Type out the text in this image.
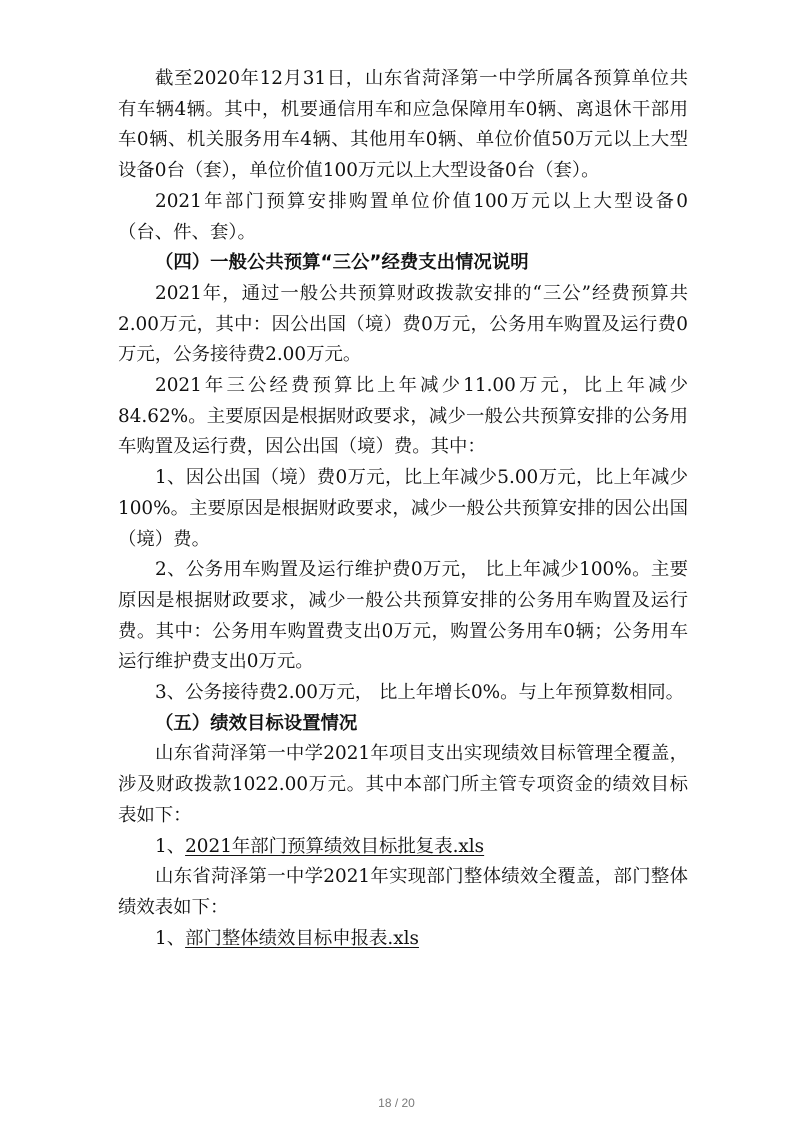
截至2020年12月31日，山东省菏泽第一中学所属各预算单位共有车辆4辆。其中，机要通信用车和应急保障用车0辆、离退休干部用车0辆、机关服务用车4辆、其他用车0辆、单位价值50万元以上大型设备0台（套），单位价值100万元以上大型设备0台（套）。

2021年部门预算安排购置单位价值100万元以上大型设备0（台、件、套）。

（四）一般公共预算“三公”经费支出情况说明

2021年，通过一般公共预算财政拨款安排的“三公”经费预算共2.00万元，其中：因公出国（境）费0万元，公务用车购置及运行费0万元，公务接待费2.00万元。

2021年三公经费预算比上年减少11.00万元，比上年减少84.62%。主要原因是根据财政要求，减少一般公共预算安排的公务用车购置及运行费，因公出国（境）费。其中：

1、因公出国（境）费0万元，比上年减少5.00万元，比上年减少100%。主要原因是根据财政要求，减少一般公共预算安排的因公出国（境）费。

2、公务用车购置及运行维护费0万元， 比上年减少100%。主要原因是根据财政要求，减少一般公共预算安排的公务用车购置及运行费。其中：公务用车购置费支出0万元，购置公务用车0辆；公务用车运行维护费支出0万元。

3、公务接待费2.00万元， 比上年增长0%。与上年预算数相同。

（五）绩效目标设置情况

山东省菏泽第一中学2021年项目支出实现绩效目标管理全覆盖，涉及财政拨款1022.00万元。其中本部门所主管专项资金的绩效目标表如下：

1、2021年部门预算绩效目标批复表.xls

山东省菏泽第一中学2021年实现部门整体绩效全覆盖，部门整体绩效表如下：

1、部门整体绩效目标申报表.xls

18 / 20
